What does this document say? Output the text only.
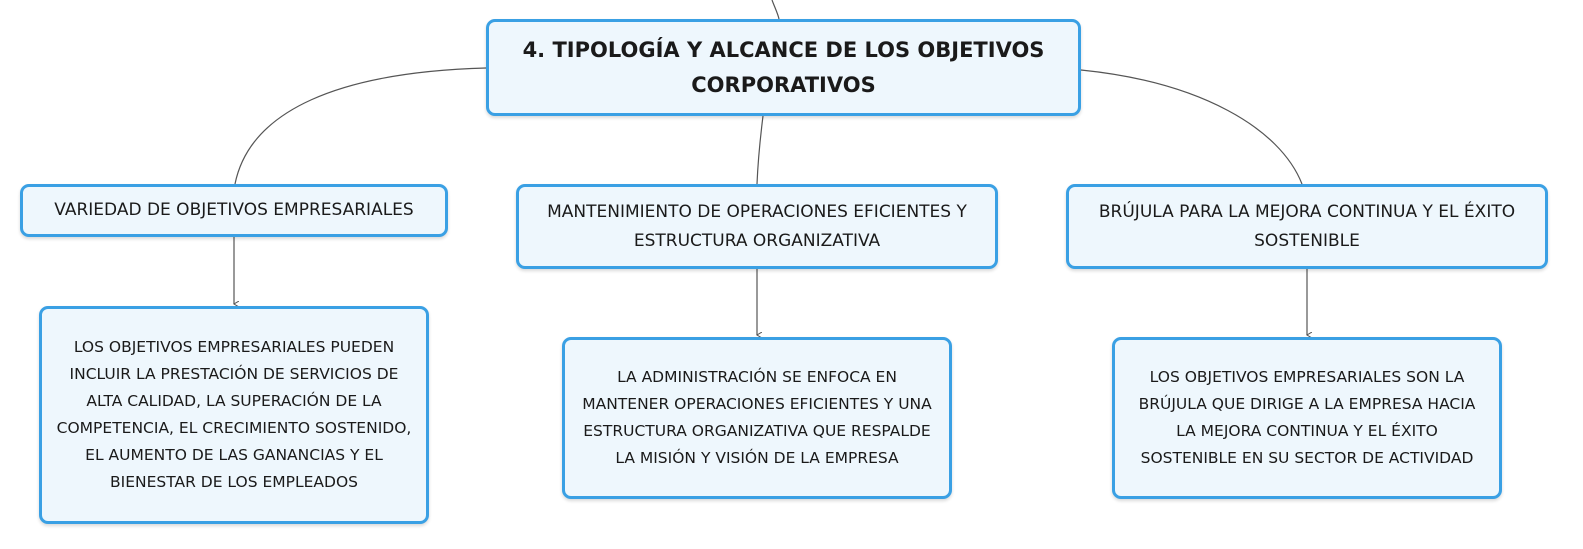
4. TIPOLOGÍA Y ALCANCE DE LOS OBJETIVOS CORPORATIVOS
VARIEDAD DE OBJETIVOS EMPRESARIALES	MANTENIMIENTO DE OPERACIONES EFICIENTES Y ESTRUCTURA ORGANIZATIVA
BRÚJULA PARA LA MEJORA CONTINUA Y EL ÉXITO SOSTENIBLE
LOS OBJETIVOS EMPRESARIALES PUEDEN INCLUIR LA PRESTACIÓN DE SERVICIOS DE ALTA CALIDAD, LA SUPERACIÓN DE LA COMPETENCIA, EL CRECIMIENTO SOSTENIDO, EL AUMENTO DE LAS GANANCIAS Y EL BIENESTAR DE LOS EMPLEADOS
LA ADMINISTRACIÓN SE ENFOCA EN MANTENER OPERACIONES EFICIENTES Y UNA ESTRUCTURA ORGANIZATIVA QUE RESPALDE LA MISIÓN Y VISIÓN DE LA EMPRESA
LOS OBJETIVOS EMPRESARIALES SON LA BRÚJULA QUE DIRIGE A LA EMPRESA HACIA LA MEJORA CONTINUA Y EL ÉXITO SOSTENIBLE EN SU SECTOR DE ACTIVIDAD
